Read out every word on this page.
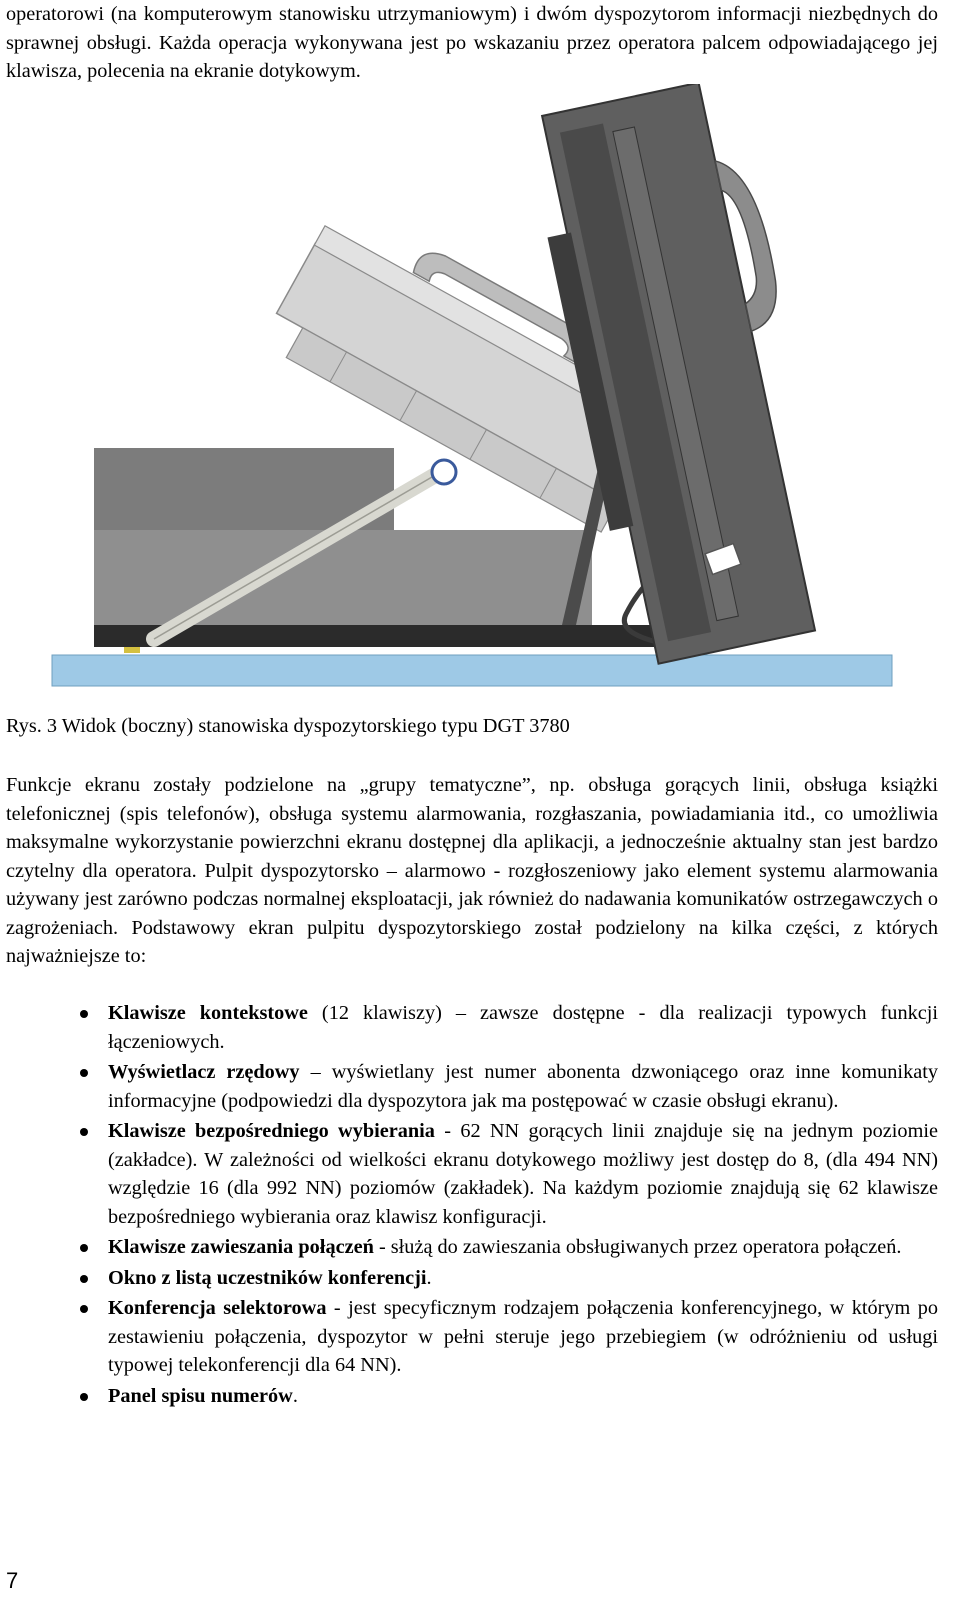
operatorowi (na komputerowym stanowisku utrzymaniowym) i dwóm dyspozytorom informacji niezbędnych do sprawnej obsługi. Każda operacja wykonywana jest po wskazaniu przez operatora palcem odpowiadającego jej klawisza, polecenia na ekranie dotykowym.

Rys. 3 Widok (boczny) stanowiska dyspozytorskiego typu DGT 3780

Funkcje ekranu zostały podzielone na „grupy tematyczne”, np. obsługa gorących linii, obsługa książki telefonicznej (spis telefonów), obsługa systemu alarmowania, rozgłaszania, powiadamiania itd., co umożliwia maksymalne wykorzystanie powierzchni ekranu dostępnej dla aplikacji, a jednocześnie aktualny stan jest bardzo czytelny dla operatora. Pulpit dyspozytorsko – alarmowo - rozgłoszeniowy jako element systemu alarmowania używany jest zarówno podczas normalnej eksploatacji, jak również do nadawania komunikatów ostrzegawczych o zagrożeniach. Podstawowy ekran pulpitu dyspozytorskiego został podzielony na kilka części, z których najważniejsze to:

Klawisze kontekstowe (12 klawiszy) – zawsze dostępne - dla realizacji typowych funkcji łączeniowych.
Wyświetlacz rzędowy – wyświetlany jest numer abonenta dzwoniącego oraz inne komunikaty informacyjne (podpowiedzi dla dyspozytora jak ma postępować w czasie obsługi ekranu).
Klawisze bezpośredniego wybierania - 62 NN gorących linii znajduje się na jednym poziomie (zakładce). W zależności od wielkości ekranu dotykowego możliwy jest dostęp do 8, (dla 494 NN) względzie 16 (dla 992 NN) poziomów (zakładek). Na każdym poziomie znajdują się 62 klawisze bezpośredniego wybierania oraz klawisz konfiguracji.
Klawisze zawieszania połączeń - służą do zawieszania obsługiwanych przez operatora połączeń.
Okno z listą uczestników konferencji.
Konferencja selektorowa - jest specyficznym rodzajem połączenia konferencyjnego, w którym po zestawieniu połączenia, dyspozytor w pełni steruje jego przebiegiem (w odróżnieniu od usługi typowej telekonferencji dla 64 NN).
Panel spisu numerów.
7
